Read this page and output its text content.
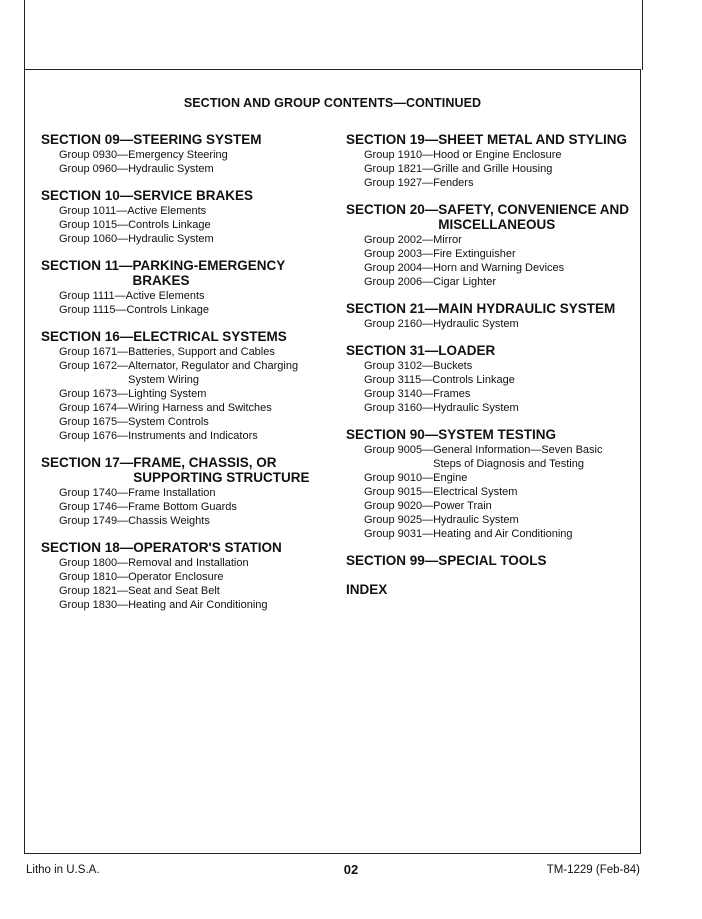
SECTION AND GROUP CONTENTS—CONTINUED
SECTION 09— STEERING SYSTEM
Group 0930— Emergency Steering
Group 0960— Hydraulic System
SECTION 10— SERVICE BRAKES
Group 1011— Active Elements
Group 1015— Controls Linkage
Group 1060— Hydraulic System
SECTION 11— PARKING-EMERGENCY BRAKES
Group 1111— Active Elements
Group 1115— Controls Linkage
SECTION 16— ELECTRICAL SYSTEMS
Group 1671— Batteries, Support and Cables
Group 1672— Alternator, Regulator and Charging System Wiring
Group 1673— Lighting System
Group 1674— Wiring Harness and Switches
Group 1675— System Controls
Group 1676— Instruments and Indicators
SECTION 17— FRAME, CHASSIS, OR SUPPORTING STRUCTURE
Group 1740— Frame Installation
Group 1746— Frame Bottom Guards
Group 1749— Chassis Weights
SECTION 18— OPERATOR'S STATION
Group 1800— Removal and Installation
Group 1810— Operator Enclosure
Group 1821— Seat and Seat Belt
Group 1830— Heating and Air Conditioning
SECTION 19— SHEET METAL AND STYLING
Group 1910— Hood or Engine Enclosure
Group 1821— Grille and Grille Housing
Group 1927— Fenders
SECTION 20— SAFETY, CONVENIENCE AND MISCELLANEOUS
Group 2002— Mirror
Group 2003— Fire Extinguisher
Group 2004— Horn and Warning Devices
Group 2006— Cigar Lighter
SECTION 21— MAIN HYDRAULIC SYSTEM
Group 2160— Hydraulic System
SECTION 31— LOADER
Group 3102— Buckets
Group 3115— Controls Linkage
Group 3140— Frames
Group 3160— Hydraulic System
SECTION 90— SYSTEM TESTING
Group 9005— General Information—Seven Basic Steps of Diagnosis and Testing
Group 9010— Engine
Group 9015— Electrical System
Group 9020— Power Train
Group 9025— Hydraulic System
Group 9031— Heating and Air Conditioning
SECTION 99—SPECIAL TOOLS
INDEX
Litho in U.S.A.	02	TM-1229 (Feb-84)
